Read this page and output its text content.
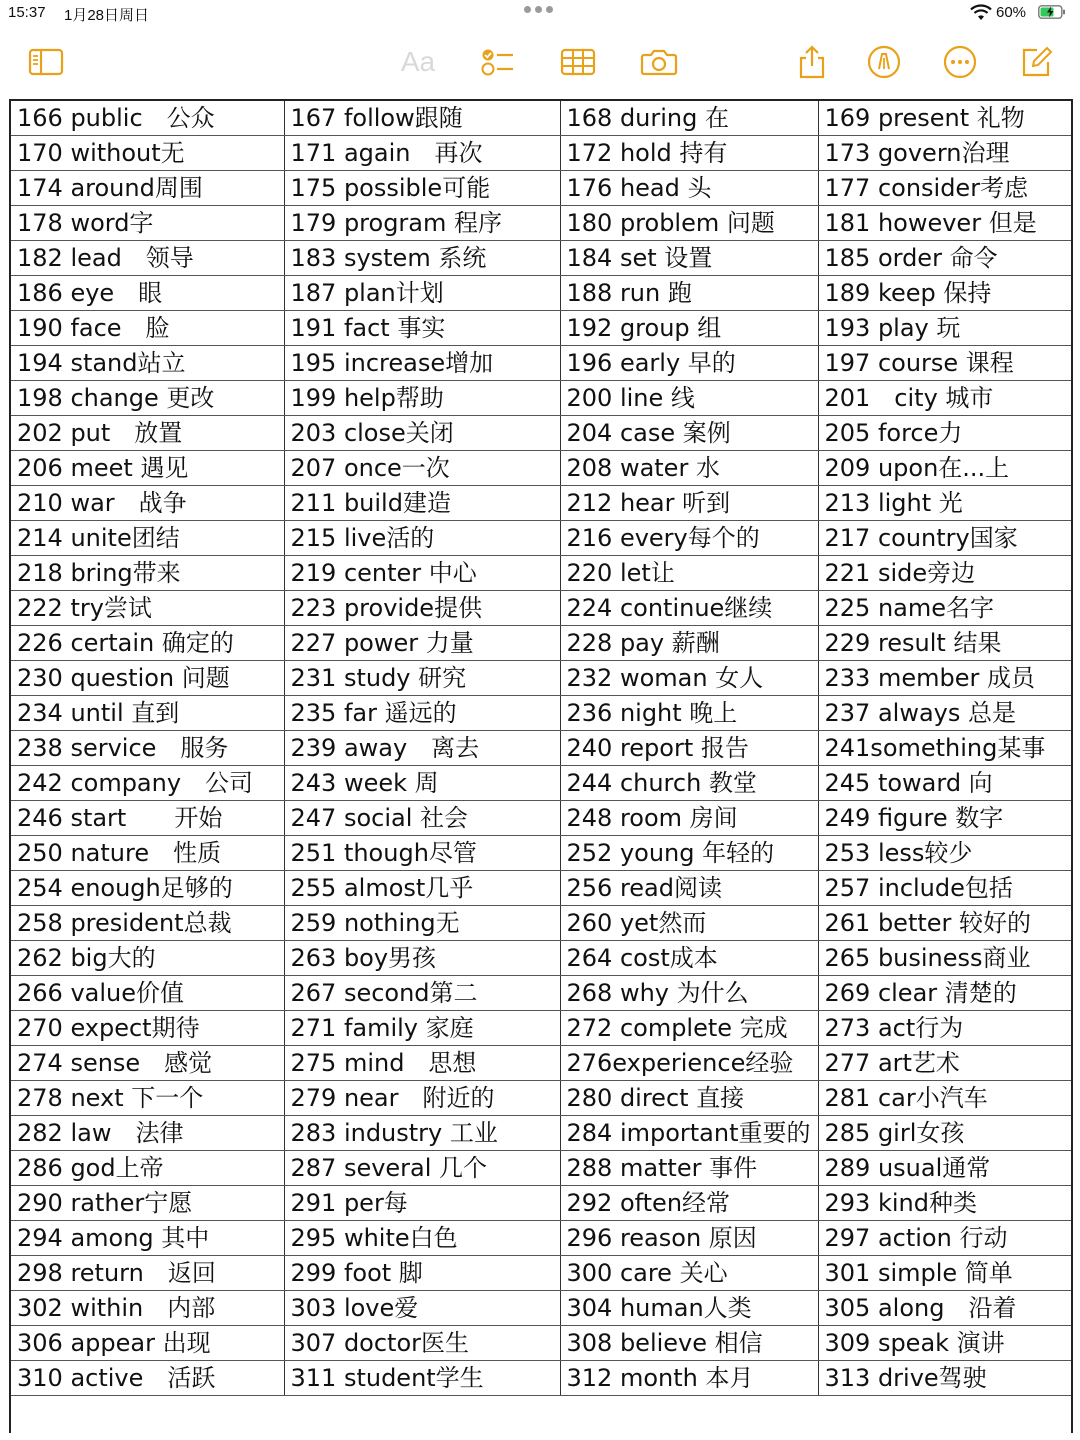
15:37 1月28日周日	60%
Aa
166 public　公众	167 follow跟随	168 during 在	169 present 礼物
170 without无	171 again　再次	172 hold 持有	173 govern治理
174 around周围	175 possible可能	176 head 头	177 consider考虑
178 word字	179 program 程序	180 problem 问题	181 however 但是
182 lead　领导	183 system 系统	184 set 设置	185 order 命令
186 eye　眼	187 plan计划	188 run 跑	189 keep 保持
190 face　脸	191 fact 事实	192 group 组	193 play 玩
194 stand站立	195 increase增加	196 early 早的	197 course 课程
198 change 更改	199 help帮助	200 line 线	201　city 城市
202 put　放置	203 close关闭	204 case 案例	205 force力
206 meet 遇见	207 once一次	208 water 水	209 upon在...上
210 war　战争	211 build建造	212 hear 听到	213 light 光
214 unite团结	215 live活的	216 every每个的	217 country国家
218 bring带来	219 center 中心	220 let让	221 side旁边
222 try尝试	223 provide提供	224 continue继续	225 name名字
226 certain 确定的	227 power 力量	228 pay 薪酬	229 result 结果
230 question 问题	231 study 研究	232 woman 女人	233 member 成员
234 until 直到	235 far 遥远的	236 night 晚上	237 always 总是
238 service　服务	239 away　离去	240 report 报告	241something某事
242 company　公司	243 week 周	244 church 教堂	245 toward 向
246 start　　开始	247 social 社会	248 room 房间	249 figure 数字
250 nature　性质	251 though尽管	252 young 年轻的	253 less较少
254 enough足够的	255 almost几乎	256 read阅读	257 include包括
258 president总裁	259 nothing无	260 yet然而	261 better 较好的
262 big大的	263 boy男孩	264 cost成本	265 business商业
266 value价值	267 second第二	268 why 为什么	269 clear 清楚的
270 expect期待	271 family 家庭	272 complete 完成	273 act行为
274 sense　感觉	275 mind　思想	276experience经验	277 art艺术
278 next 下一个	279 near　附近的	280 direct 直接	281 car小汽车
282 law　法律	283 industry 工业	284 important重要的	285 girl女孩
286 god上帝	287 several 几个	288 matter 事件	289 usual通常
290 rather宁愿	291 per每	292 often经常	293 kind种类
294 among 其中	295 white白色	296 reason 原因	297 action 行动
298 return　返回	299 foot 脚	300 care 关心	301 simple 简单
302 within　内部	303 love爱	304 human人类	305 along　沿着
306 appear 出现	307 doctor医生	308 believe 相信	309 speak 演讲
310 active　活跃	311 student学生	312 month 本月	313 drive驾驶
